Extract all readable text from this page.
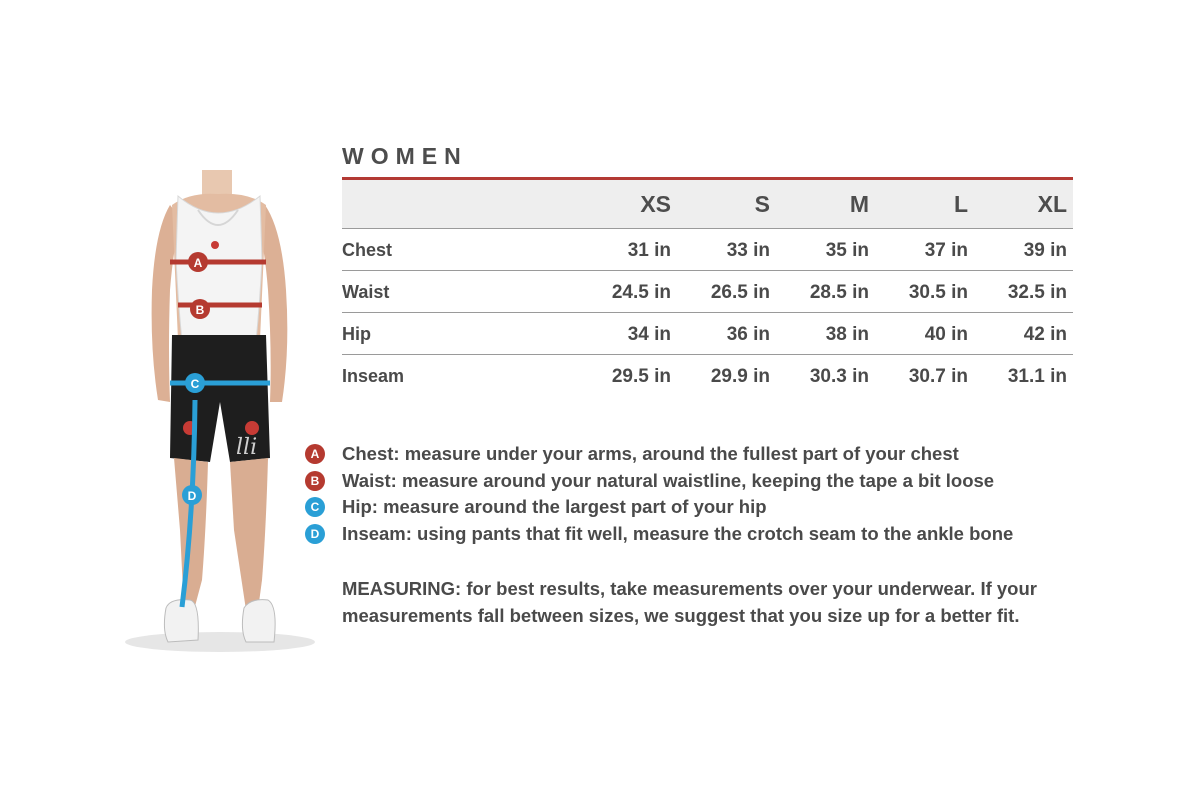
lli
A
B
C
D
WOMEN
	XS	S	M	L	XL
Chest	31 in	33 in	35 in	37 in	39 in
Waist	24.5 in	26.5 in	28.5 in	30.5 in	32.5 in
Hip	34 in	36 in	38 in	40 in	42 in
Inseam	29.5 in	29.9 in	30.3 in	30.7 in	31.1 in
A	Chest: measure under your arms, around the fullest part of your chest
B	Waist: measure around your natural waistline, keeping the tape a bit loose
C	Hip: measure around the largest part of your hip
D	Inseam: using pants that fit well, measure the crotch seam to the ankle bone
MEASURING: for best results, take measurements over your underwear. If your measurements fall between sizes, we suggest that you size up for a better fit.
